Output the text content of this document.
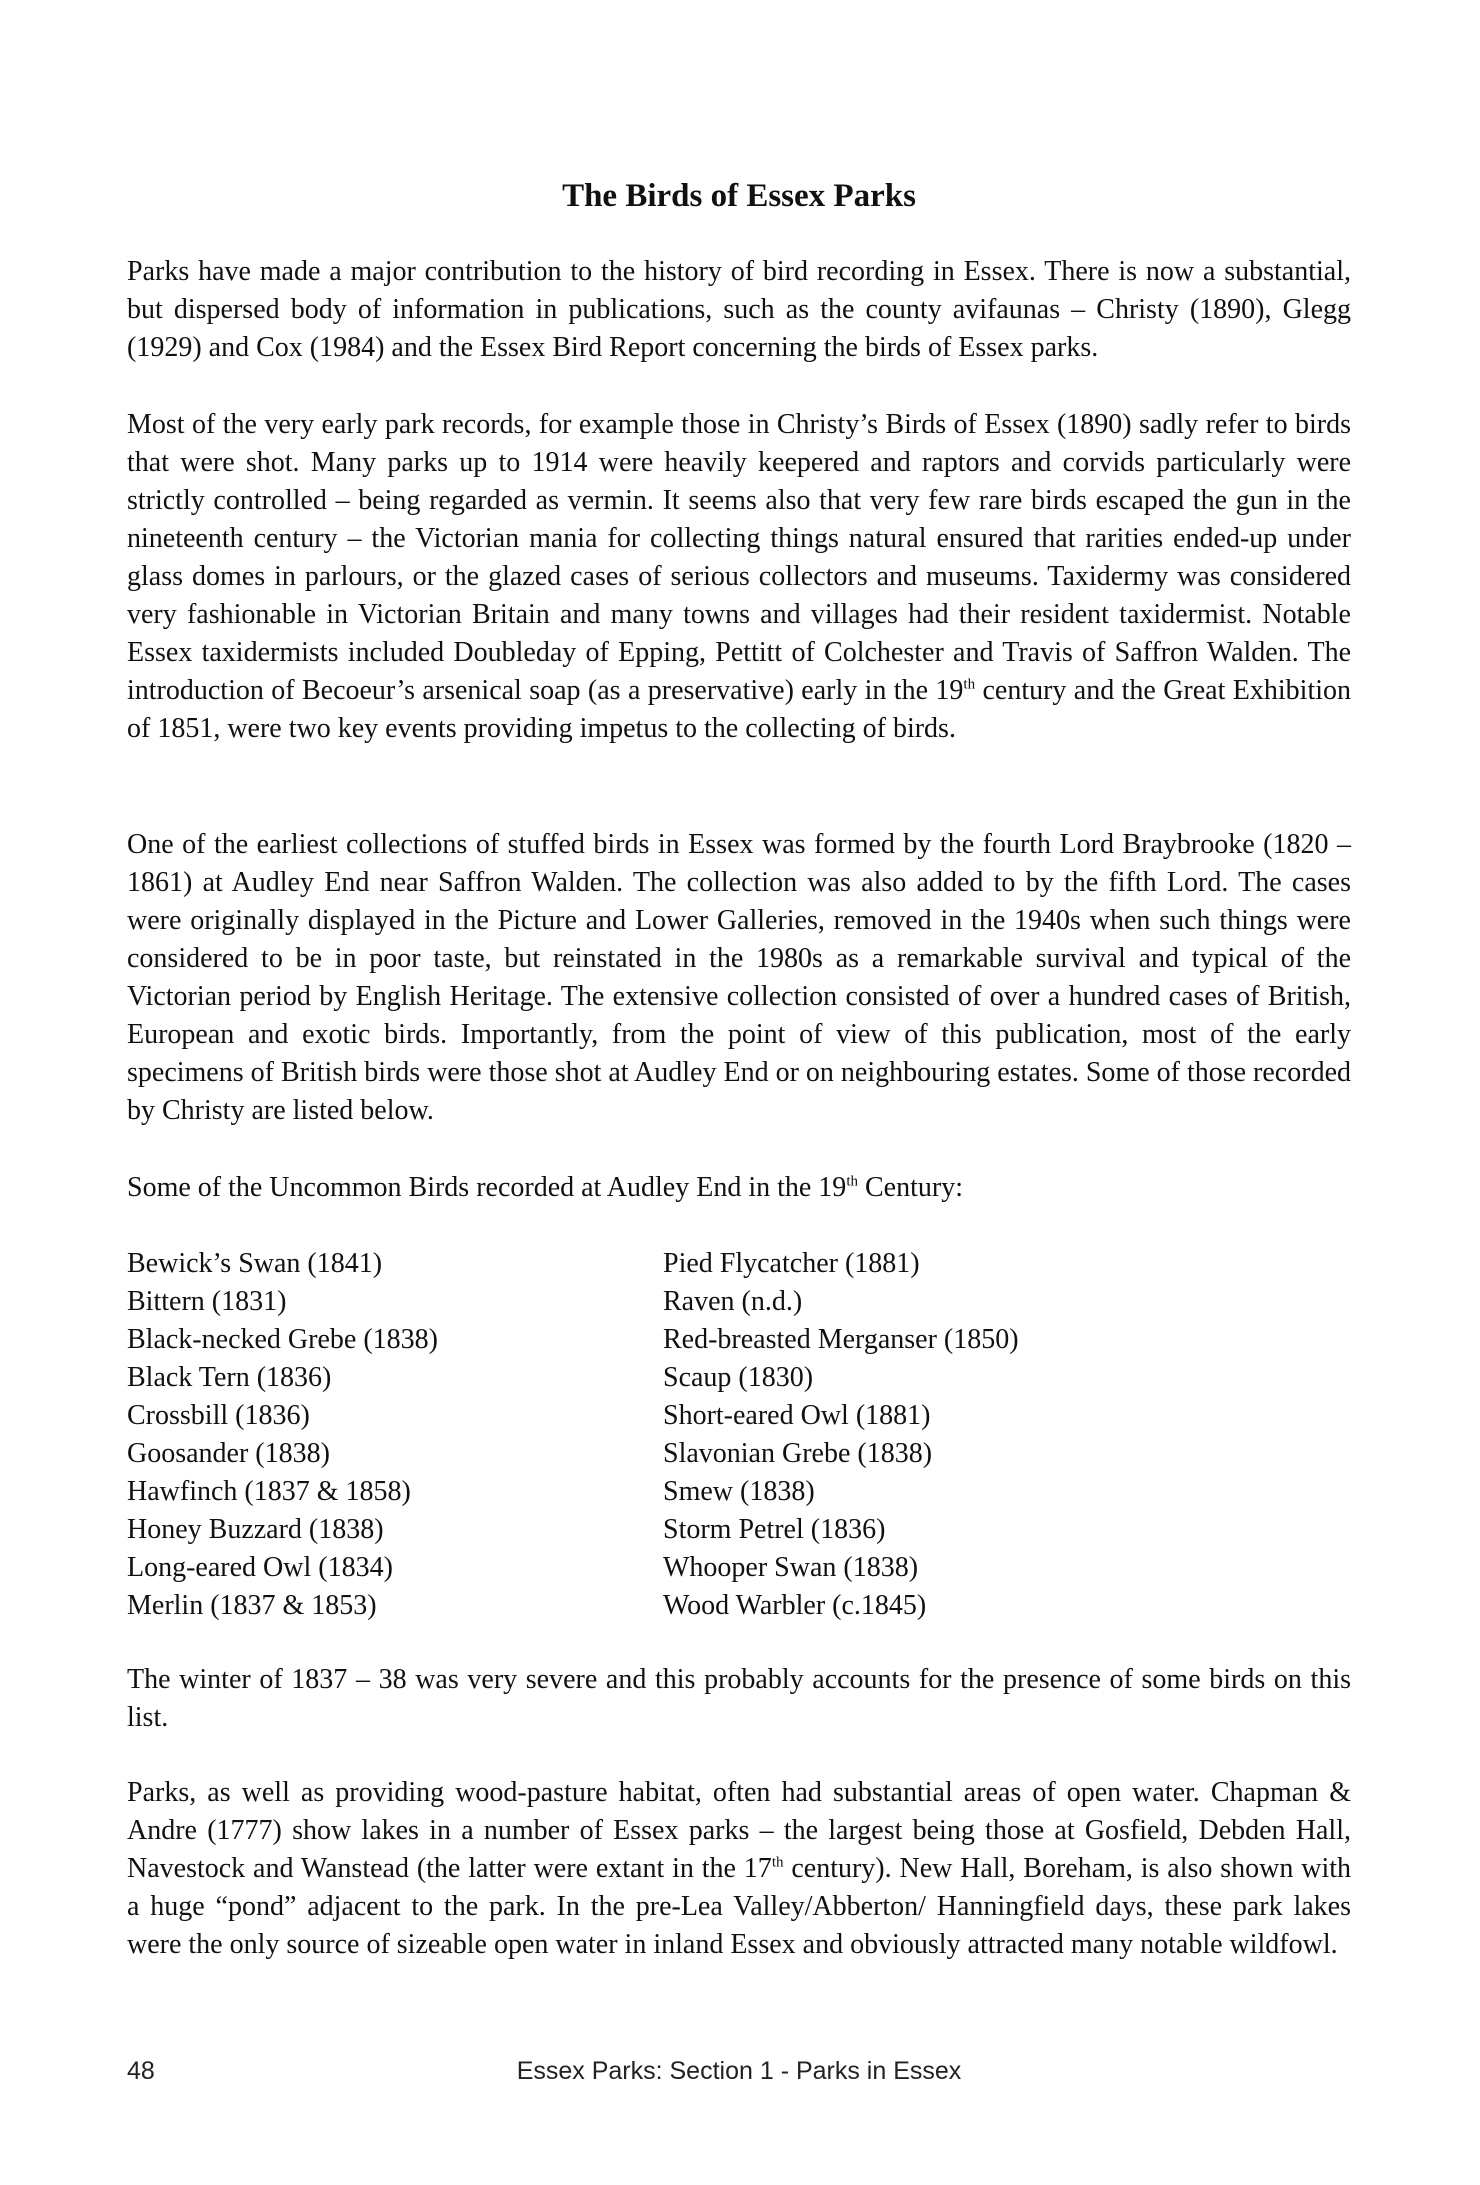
The Birds of Essex Parks

Parks have made a major contribution to the history of bird recording in Essex. There is now a substantial, but dispersed body of information in publications, such as the county avifaunas – Christy (1890), Glegg (1929) and Cox (1984) and the Essex Bird Report concerning the birds of Essex parks.

Most of the very early park records, for example those in Christy’s Birds of Essex (1890) sadly refer to birds that were shot. Many parks up to 1914 were heavily keepered and raptors and corvids particularly were strictly controlled – being regarded as vermin. It seems also that very few rare birds escaped the gun in the nineteenth century – the Victorian mania for collecting things natural ensured that rarities ended-up under glass domes in parlours, or the glazed cases of serious collectors and museums. Taxidermy was considered very fashionable in Victorian Britain and many towns and villages had their resident taxidermist. Notable Essex taxidermists included Doubleday of Epping, Pettitt of Colchester and Travis of Saffron Walden. The introduction of Becoeur’s arsenical soap (as a preservative) early in the 19th century and the Great Exhibition of 1851, were two key events providing impetus to the collecting of birds.

One of the earliest collections of stuffed birds in Essex was formed by the fourth Lord Braybrooke (1820 – 1861) at Audley End near Saffron Walden. The collection was also added to by the fifth Lord. The cases were originally displayed in the Picture and Lower Galleries, removed in the 1940s when such things were considered to be in poor taste, but reinstated in the 1980s as a remarkable survival and typical of the Victorian period by English Heritage. The extensive collection consisted of over a hundred cases of British, European and exotic birds. Importantly, from the point of view of this publication, most of the early specimens of British birds were those shot at Audley End or on neighbouring estates. Some of those recorded by Christy are listed below.

Some of the Uncommon Birds recorded at Audley End in the 19th Century:

Bewick’s Swan (1841)
Bittern (1831)
Black-necked Grebe (1838)
Black Tern (1836)
Crossbill (1836)
Goosander (1838)
Hawfinch (1837 & 1858)
Honey Buzzard (1838)
Long-eared Owl (1834)
Merlin (1837 & 1853)
Pied Flycatcher (1881)
Raven (n.d.)
Red-breasted Merganser (1850)
Scaup (1830)
Short-eared Owl (1881)
Slavonian Grebe (1838)
Smew (1838)
Storm Petrel (1836)
Whooper Swan (1838)
Wood Warbler (c.1845)

The winter of 1837 – 38 was very severe and this probably accounts for the presence of some birds on this list.

Parks, as well as providing wood-pasture habitat, often had substantial areas of open water. Chapman & Andre (1777) show lakes in a number of Essex parks – the largest being those at Gosfield, Debden Hall, Navestock and Wanstead (the latter were extant in the 17th century). New Hall, Boreham, is also shown with a huge “pond” adjacent to the park. In the pre-Lea Valley/Abberton/ Hanningfield days, these park lakes were the only source of sizeable open water in inland Essex and obviously attracted many notable wildfowl.

48	Essex Parks: Section 1 - Parks in Essex
